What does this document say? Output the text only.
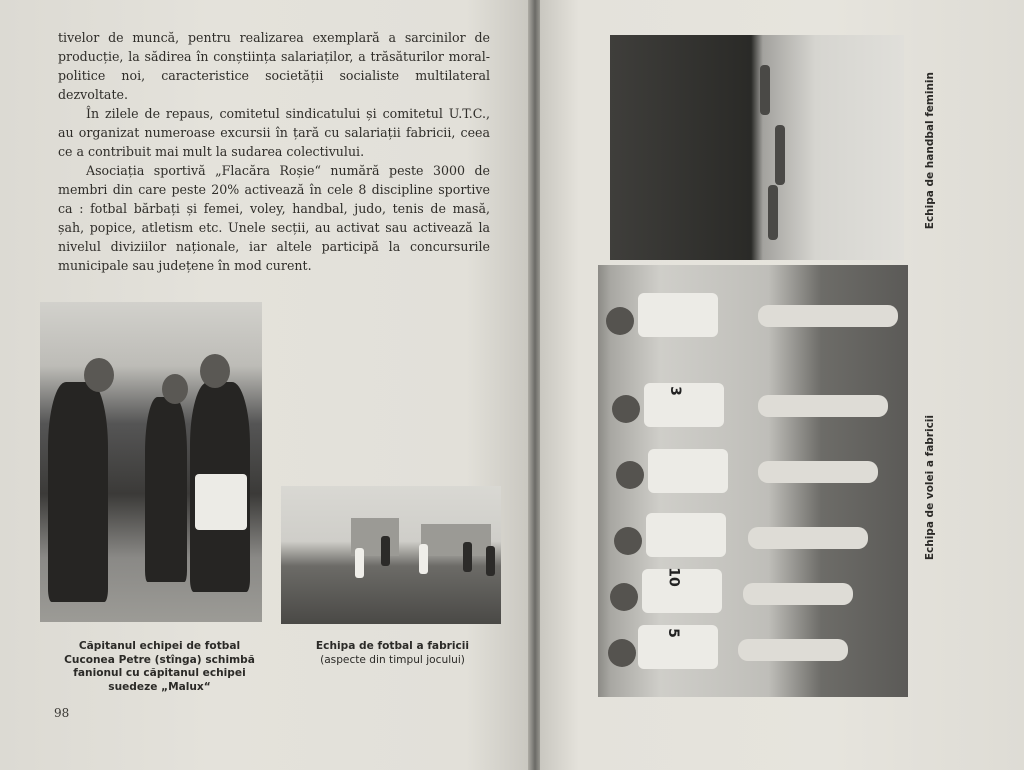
tivelor de muncă, pentru realizarea exemplară a sarcinilor de producție, la sădirea în conștiința salariaților, a trăsăturilor moral-politice noi, caracteristice societății socialiste multilateral dezvoltate.

În zilele de repaus, comitetul sindicatului și comitetul U.T.C., au organizat numeroase excursii în țară cu salariații fabricii, ceea ce a contribuit mai mult la sudarea colectivului.

Asociația sportivă „Flacăra Roșie“ numără peste 3000 de membri din care peste 20% activează în cele 8 discipline sportive ca : fotbal bărbați și femei, voley, handbal, judo, tenis de masă, șah, popice, atletism etc. Unele secții, au activat sau activează la nivelul diviziilor naționale, iar altele participă la concursurile municipale sau județene în mod curent.

Căpitanul echipei de fotbal Cuconea Petre (stînga) schimbă fanionul cu căpitanul echipei suedeze „Malux“
Echipa de fotbal a fabricii
(aspecte din timpul jocului)
98
3
10
5
Echipa de handbal feminin
Echipa de volei a fabricii
